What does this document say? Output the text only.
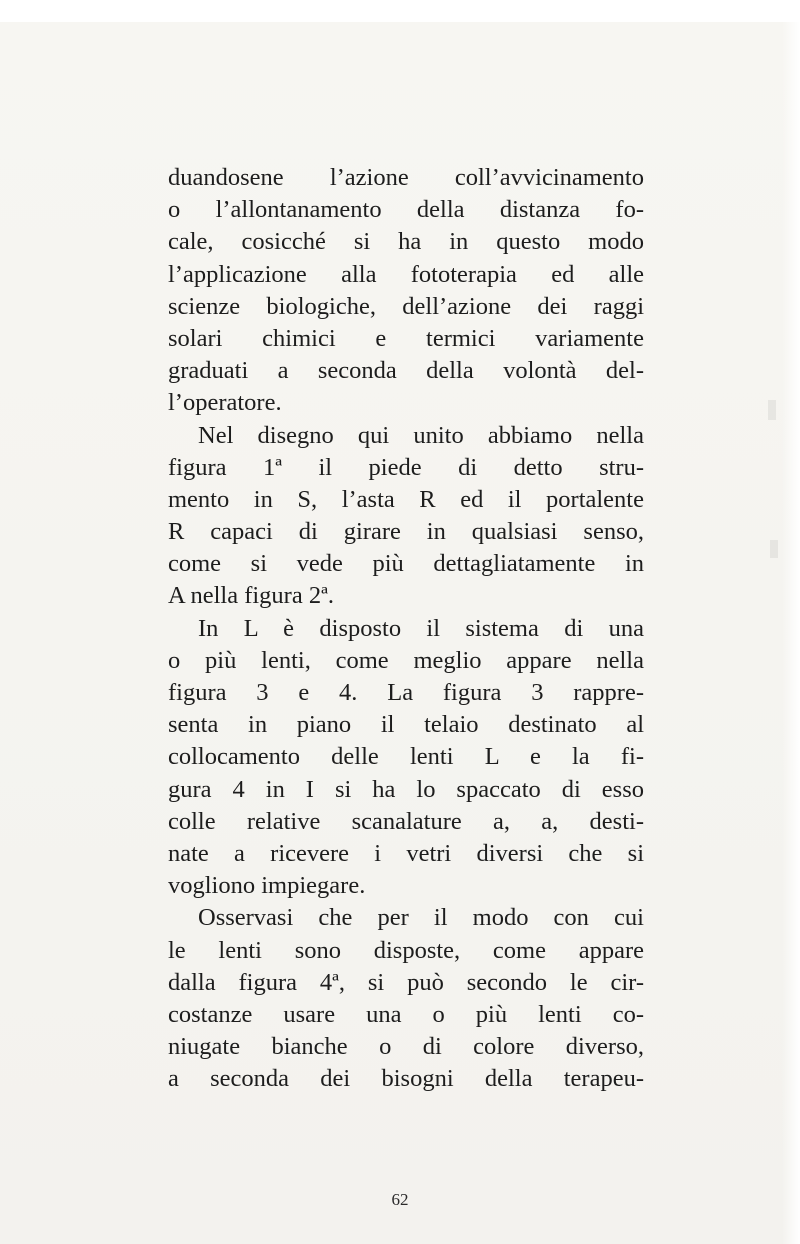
duandosene l’azione coll’avvicinamento
o l’allontanamento della distanza fo-
cale, cosicché si ha in questo modo
l’applicazione alla fototerapia ed alle
scienze biologiche, dell’azione dei raggi
solari chimici e termici variamente
graduati a seconda della volontà del-
l’operatore.
Nel disegno qui unito abbiamo nella
figura 1ª il piede di detto stru-
mento in S, l’asta R ed il portalente
R capaci di girare in qualsiasi senso,
come si vede più dettagliatamente in
A nella figura 2ª.
In L è disposto il sistema di una
o più lenti, come meglio appare nella
figura 3 e 4. La figura 3 rappre-
senta in piano il telaio destinato al
collocamento delle lenti L e la fi-
gura 4 in I si ha lo spaccato di esso
colle relative scanalature a, a, desti-
nate a ricevere i vetri diversi che si
vogliono impiegare.
Osservasi che per il modo con cui
le lenti sono disposte, come appare
dalla figura 4ª, si può secondo le cir-
costanze usare una o più lenti co-
niugate bianche o di colore diverso,
a seconda dei bisogni della terapeu-
62
